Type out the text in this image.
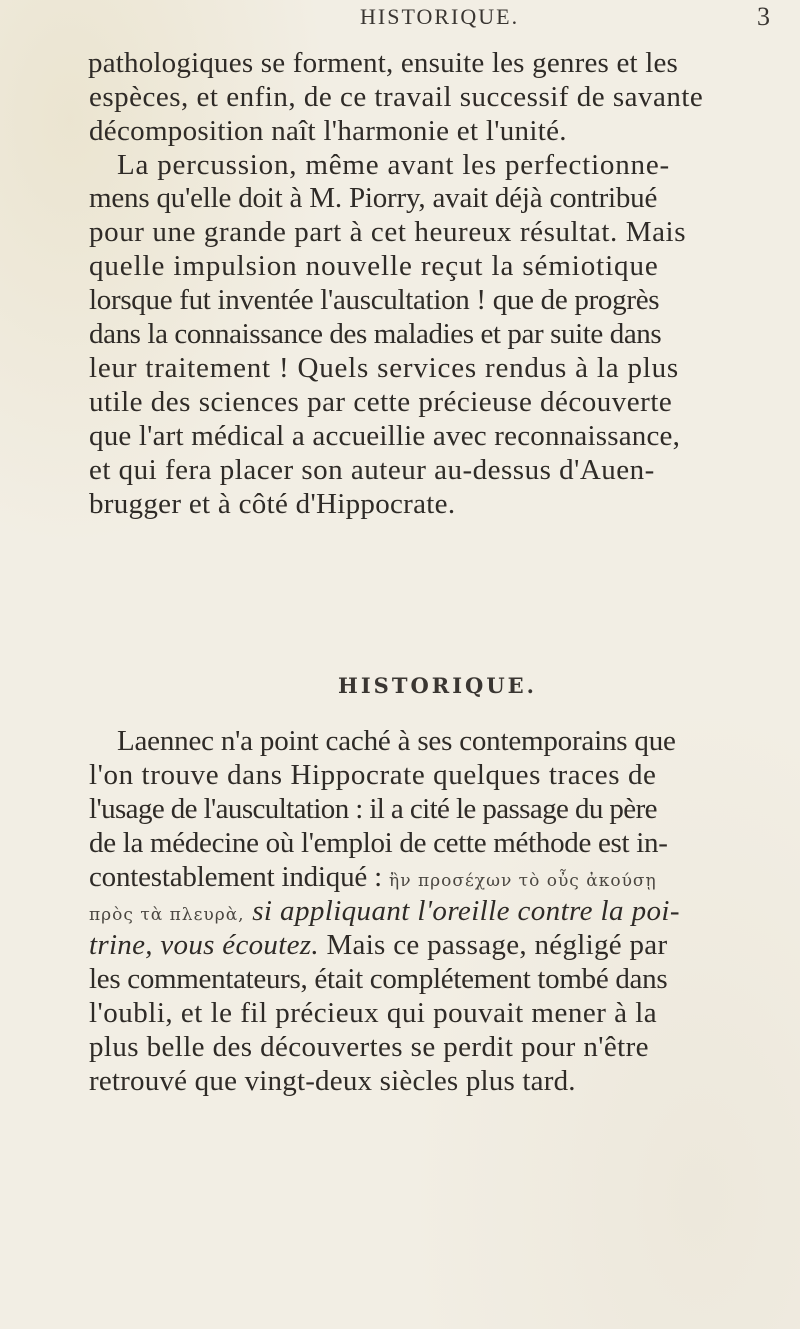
HISTORIQUE.	3
pathologiques se forment, ensuite les genres et les
espèces, et enfin, de ce travail successif de savante
décomposition naît l'harmonie et l'unité.
La percussion, même avant les perfectionne-
mens qu'elle doit à M. Piorry, avait déjà contribué
pour une grande part à cet heureux résultat. Mais
quelle impulsion nouvelle reçut la sémiotique
lorsque fut inventée l'auscultation ! que de progrès
dans la connaissance des maladies et par suite dans
leur traitement ! Quels services rendus à la plus
utile des sciences par cette précieuse découverte
que l'art médical a accueillie avec reconnaissance,
et qui fera placer son auteur au-dessus d'Auen-
brugger et à côté d'Hippocrate.
HISTORIQUE.
Laennec n'a point caché à ses contemporains que
l'on trouve dans Hippocrate quelques traces de
l'usage de l'auscultation : il a cité le passage du père
de la médecine où l'emploi de cette méthode est in-
contestablement indiqué : ἢν προσέχων τὸ οὖς ἀκούσῃ
πρὸς τὰ πλευρὰ, si appliquant l'oreille contre la poi-
trine, vous écoutez. Mais ce passage, négligé par
les commentateurs, était complétement tombé dans
l'oubli, et le fil précieux qui pouvait mener à la
plus belle des découvertes se perdit pour n'être
retrouvé que vingt-deux siècles plus tard.
